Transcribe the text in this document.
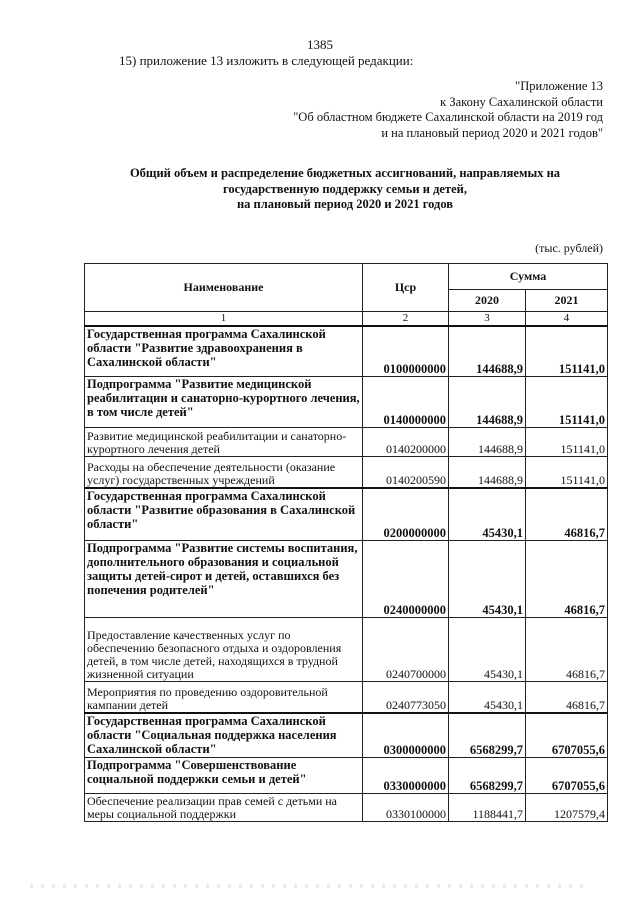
1385
15) приложение 13 изложить в следующей редакции:
"Приложение 13
к Закону Сахалинской области
"Об областном бюджете Сахалинской области на 2019 год
и на плановый период 2020 и 2021 годов"
Общий объем и распределение бюджетных ассигнований, направляемых на
государственную поддержку семьи и детей,
на плановый период 2020 и 2021 годов
(тыс. рублей)
Наименование	Цср	Сумма	
		2020	2021
1	2	3	4
Государственная программа Сахалинской области "Развитие здравоохранения в Сахалинской области"	0100000000	144688,9	151141,0
Подпрограмма "Развитие медицинской реабилитации и санаторно-курортного лечения, в том числе детей"	0140000000	144688,9	151141,0
Развитие медицинской реабилитации и санаторно-курортного лечения детей	0140200000	144688,9	151141,0
Расходы на обеспечение деятельности (оказание услуг) государственных учреждений	0140200590	144688,9	151141,0
Государственная программа Сахалинской области "Развитие образования в Сахалинской области"	0200000000	45430,1	46816,7
Подпрограмма "Развитие системы воспитания, дополнительного образования и социальной защиты детей-сирот и детей, оставшихся без попечения родителей"	0240000000	45430,1	46816,7
Предоставление качественных услуг по обеспечению безопасного отдыха и оздоровления детей, в том числе детей, находящихся в трудной жизненной ситуации	0240700000	45430,1	46816,7
Мероприятия по проведению оздоровительной кампании детей	0240773050	45430,1	46816,7
Государственная программа Сахалинской области "Социальная поддержка населения Сахалинской области"	0300000000	6568299,7	6707055,6
Подпрограмма "Совершенствование социальной поддержки семьи и детей"	0330000000	6568299,7	6707055,6
Обеспечение реализации прав семей с детьми на меры социальной поддержки	0330100000	1188441,7	1207579,4
